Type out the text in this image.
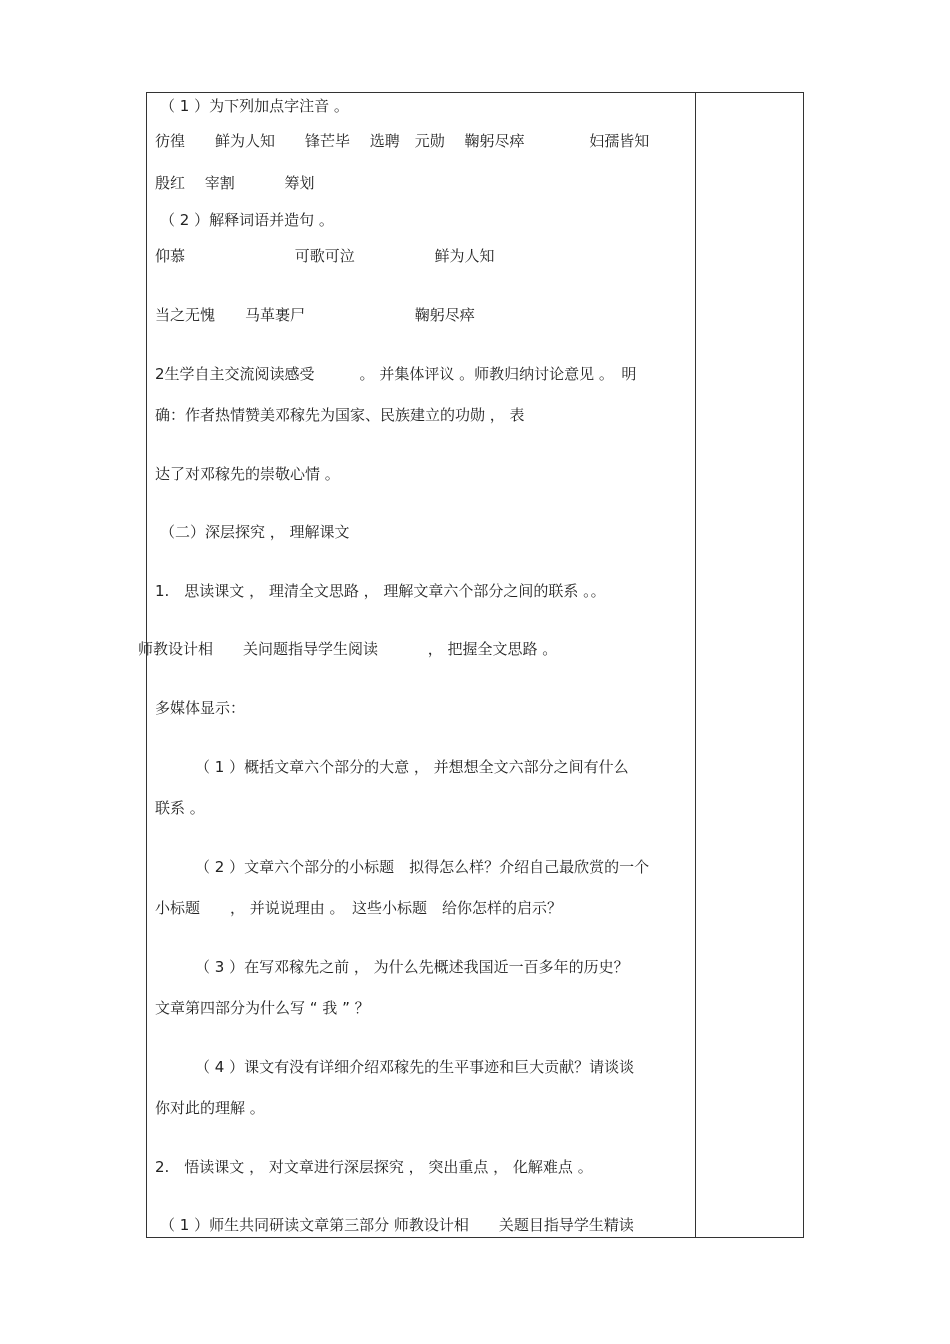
（ 1 ）为下列加点字注音 。
彷徨　　鲜为人知　　锋芒毕　 选聘　元勋　 鞠躬尽瘁　　　　 妇孺皆知
殷红　 宰割　　　 筹划
（ 2 ）解释词语并造句 。
仰慕　　　　　　　 可歌可泣　　　　　 鲜为人知
当之无愧　　马革裹尸　　　　　　　 鞠躬尽瘁
2生学自主交流阅读感受　　　。 并集体评议 。师教归纳讨论意见 。　明
确：作者热情赞美邓稼先为国家、民族建立的功勋 ， 表
达了对邓稼先的崇敬心情 。
（二）深层探究 ， 理解课文
1.　思读课文 ， 理清全文思路 ， 理解文章六个部分之间的联系 。。
师教设计相　　关问题指导学生阅读　　　 ， 把握全文思路 。
多媒体显示：
（ 1 ）概括文章六个部分的大意 ， 并想想全文六部分之间有什么
联系 。
（ 2 ）文章六个部分的小标题　拟得怎么样？介绍自己最欣赏的一个
小标题　　， 并说说理由 。　这些小标题　给你怎样的启示？
（ 3 ）在写邓稼先之前 ， 为什么先概述我国近一百多年的历史？
文章第四部分为什么写 “ 我 ” ？
（ 4 ）课文有没有详细介绍邓稼先的生平事迹和巨大贡献？请谈谈
你对此的理解 。
2.　悟读课文 ， 对文章进行深层探究 ， 突出重点 ， 化解难点 。
（ 1 ）师生共同研读文章第三部分 师教设计相　　关题目指导学生精读
